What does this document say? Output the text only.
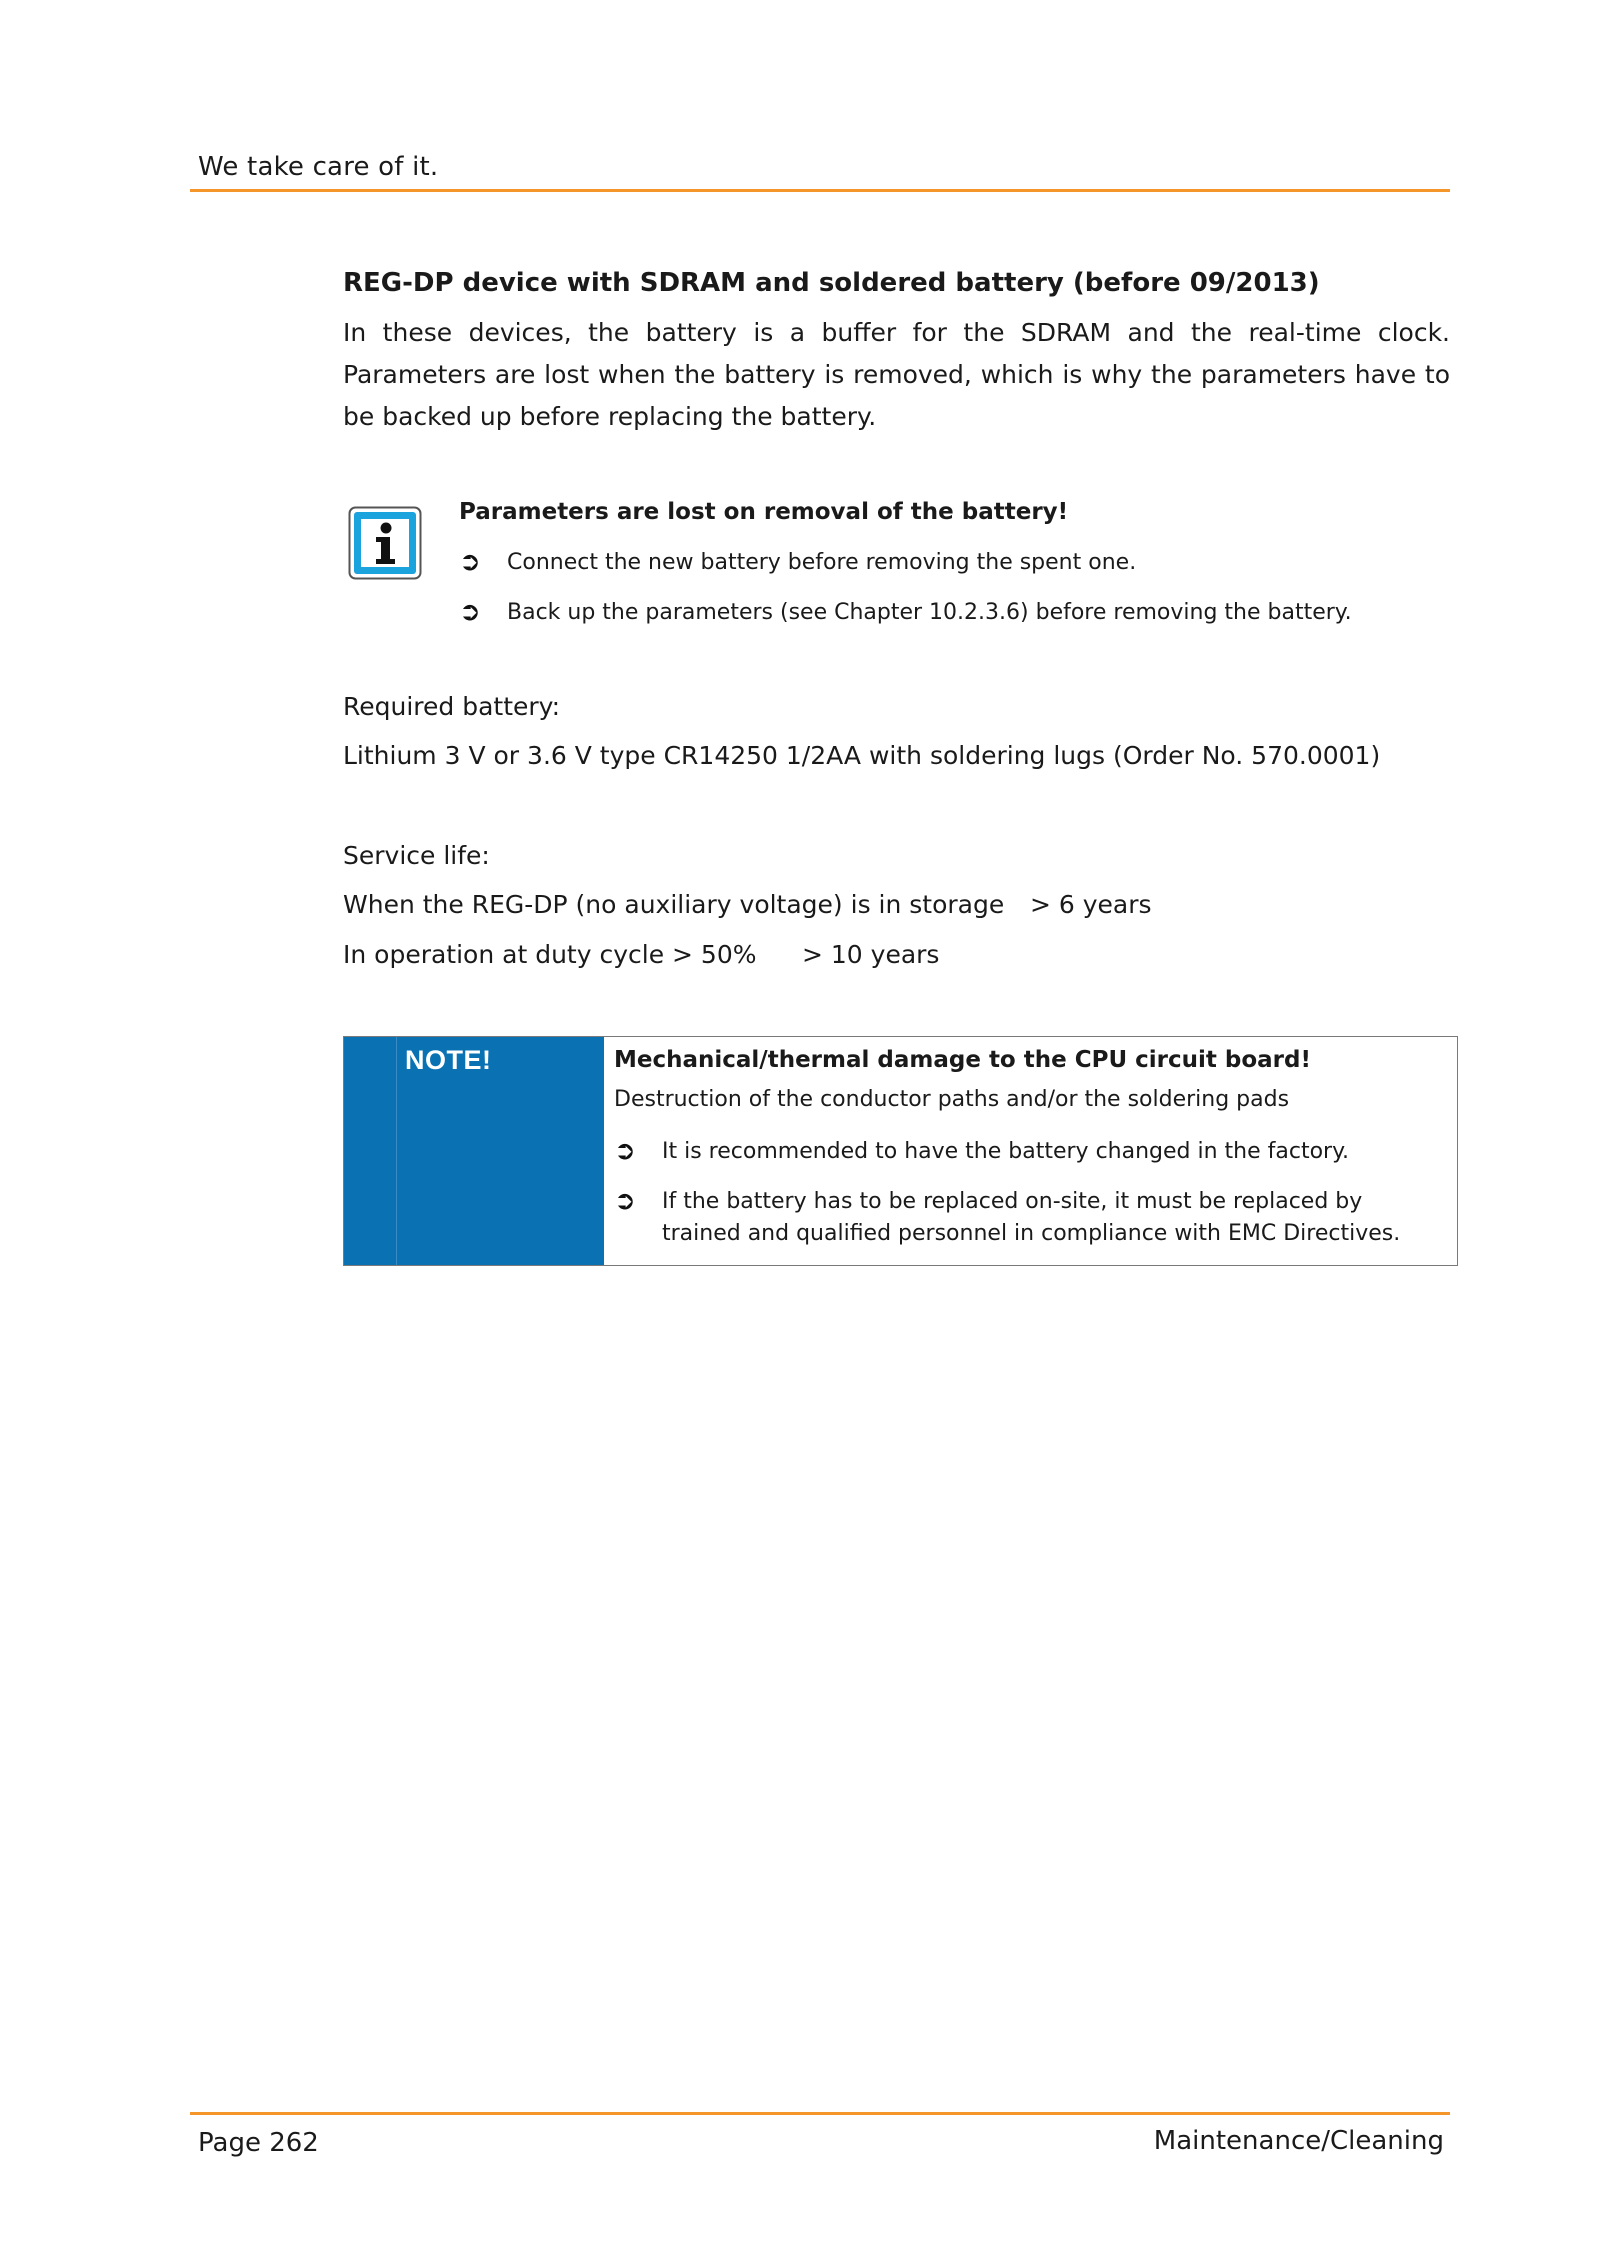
We take care of it.
REG-DP device with SDRAM and soldered battery (before 09/2013)
In these devices, the battery is a buffer for the SDRAM and the real-time clock. Parameters are lost when the battery is removed, which is why the parameters have to be backed up before replacing the battery.
Parameters are lost on removal of the battery!
➲	Connect the new battery before removing the spent one.
➲	Back up the parameters (see Chapter 10.2.3.6) before removing the battery.
Required battery:
Lithium 3 V or 3.6 V type CR14250 1/2AA with soldering lugs (Order No. 570.0001)
Service life:
When the REG-DP (no auxiliary voltage) is in storage > 6 years
In operation at duty cycle > 50% > 10 years
NOTE!	Mechanical/thermal damage to the CPU circuit board!
Destruction of the conductor paths and/or the soldering pads
➲	It is recommended to have the battery changed in the factory.
➲	If the battery has to be replaced on-site, it must be replaced by trained and qualified personnel in compliance with EMC Directives.
Page 262	Maintenance/Cleaning
